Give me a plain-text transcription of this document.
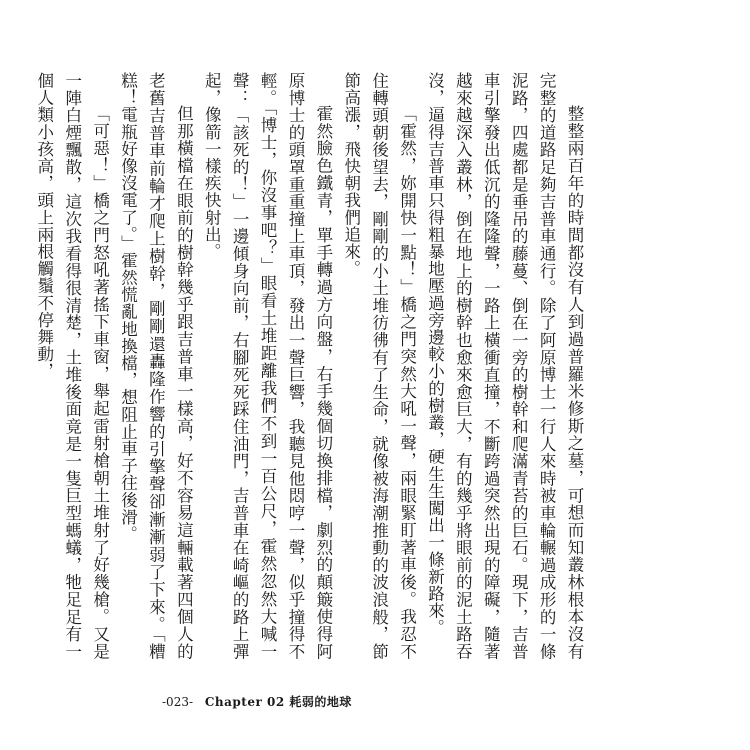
整整兩百年的時間都沒有人到過普羅米修斯之墓，可想而知叢林根本沒有完整的道路足夠吉普車通行。除了阿原博士一行人來時被車輪輾過成形的一條泥路，四處都是垂吊的藤蔓、倒在一旁的樹幹和爬滿青苔的巨石。現下，吉普車引擎發出低沉的隆隆聲，一路上橫衝直撞，不斷跨過突然出現的障礙，隨著越來越深入叢林，倒在地上的樹幹也愈來愈巨大，有的幾乎將眼前的泥土路吞沒，逼得吉普車只得粗暴地壓過旁邊較小的樹叢，硬生生闖出一條新路來。

「霍然，妳開快一點！」橋之門突然大吼一聲，兩眼緊盯著車後。我忍不住轉頭朝後望去，剛剛的小土堆彷彿有了生命，就像被海潮推動的波浪般，節節高漲，飛快朝我們追來。

霍然臉色鐵青，單手轉過方向盤，右手幾個切換排檔，劇烈的顛簸使得阿原博士的頭罩重重撞上車頂，發出一聲巨響，我聽見他悶哼一聲，似乎撞得不輕。「博士，你沒事吧？」眼看土堆距離我們不到一百公尺，霍然忽然大喊一聲：「該死的！」一邊傾身向前，右腳死死踩住油門，吉普車在崎嶇的路上彈起，像箭一樣疾快射出。

但那橫檔在眼前的樹幹幾乎跟吉普車一樣高，好不容易這輛載著四個人的老舊吉普車前輪才爬上樹幹，剛剛還轟隆作響的引擎聲卻漸漸弱了下來。「糟糕！電瓶好像沒電了。」霍然慌亂地換檔，想阻止車子往後滑。

「可惡！」橋之門怒吼著搖下車窗，舉起雷射槍朝土堆射了好幾槍。又是一陣白煙飄散，這次我看得很清楚，土堆後面竟是一隻巨型螞蟻，牠足足有一個人類小孩高，頭上兩根觸鬚不停舞動，

-023- Chapter 02 耗弱的地球
